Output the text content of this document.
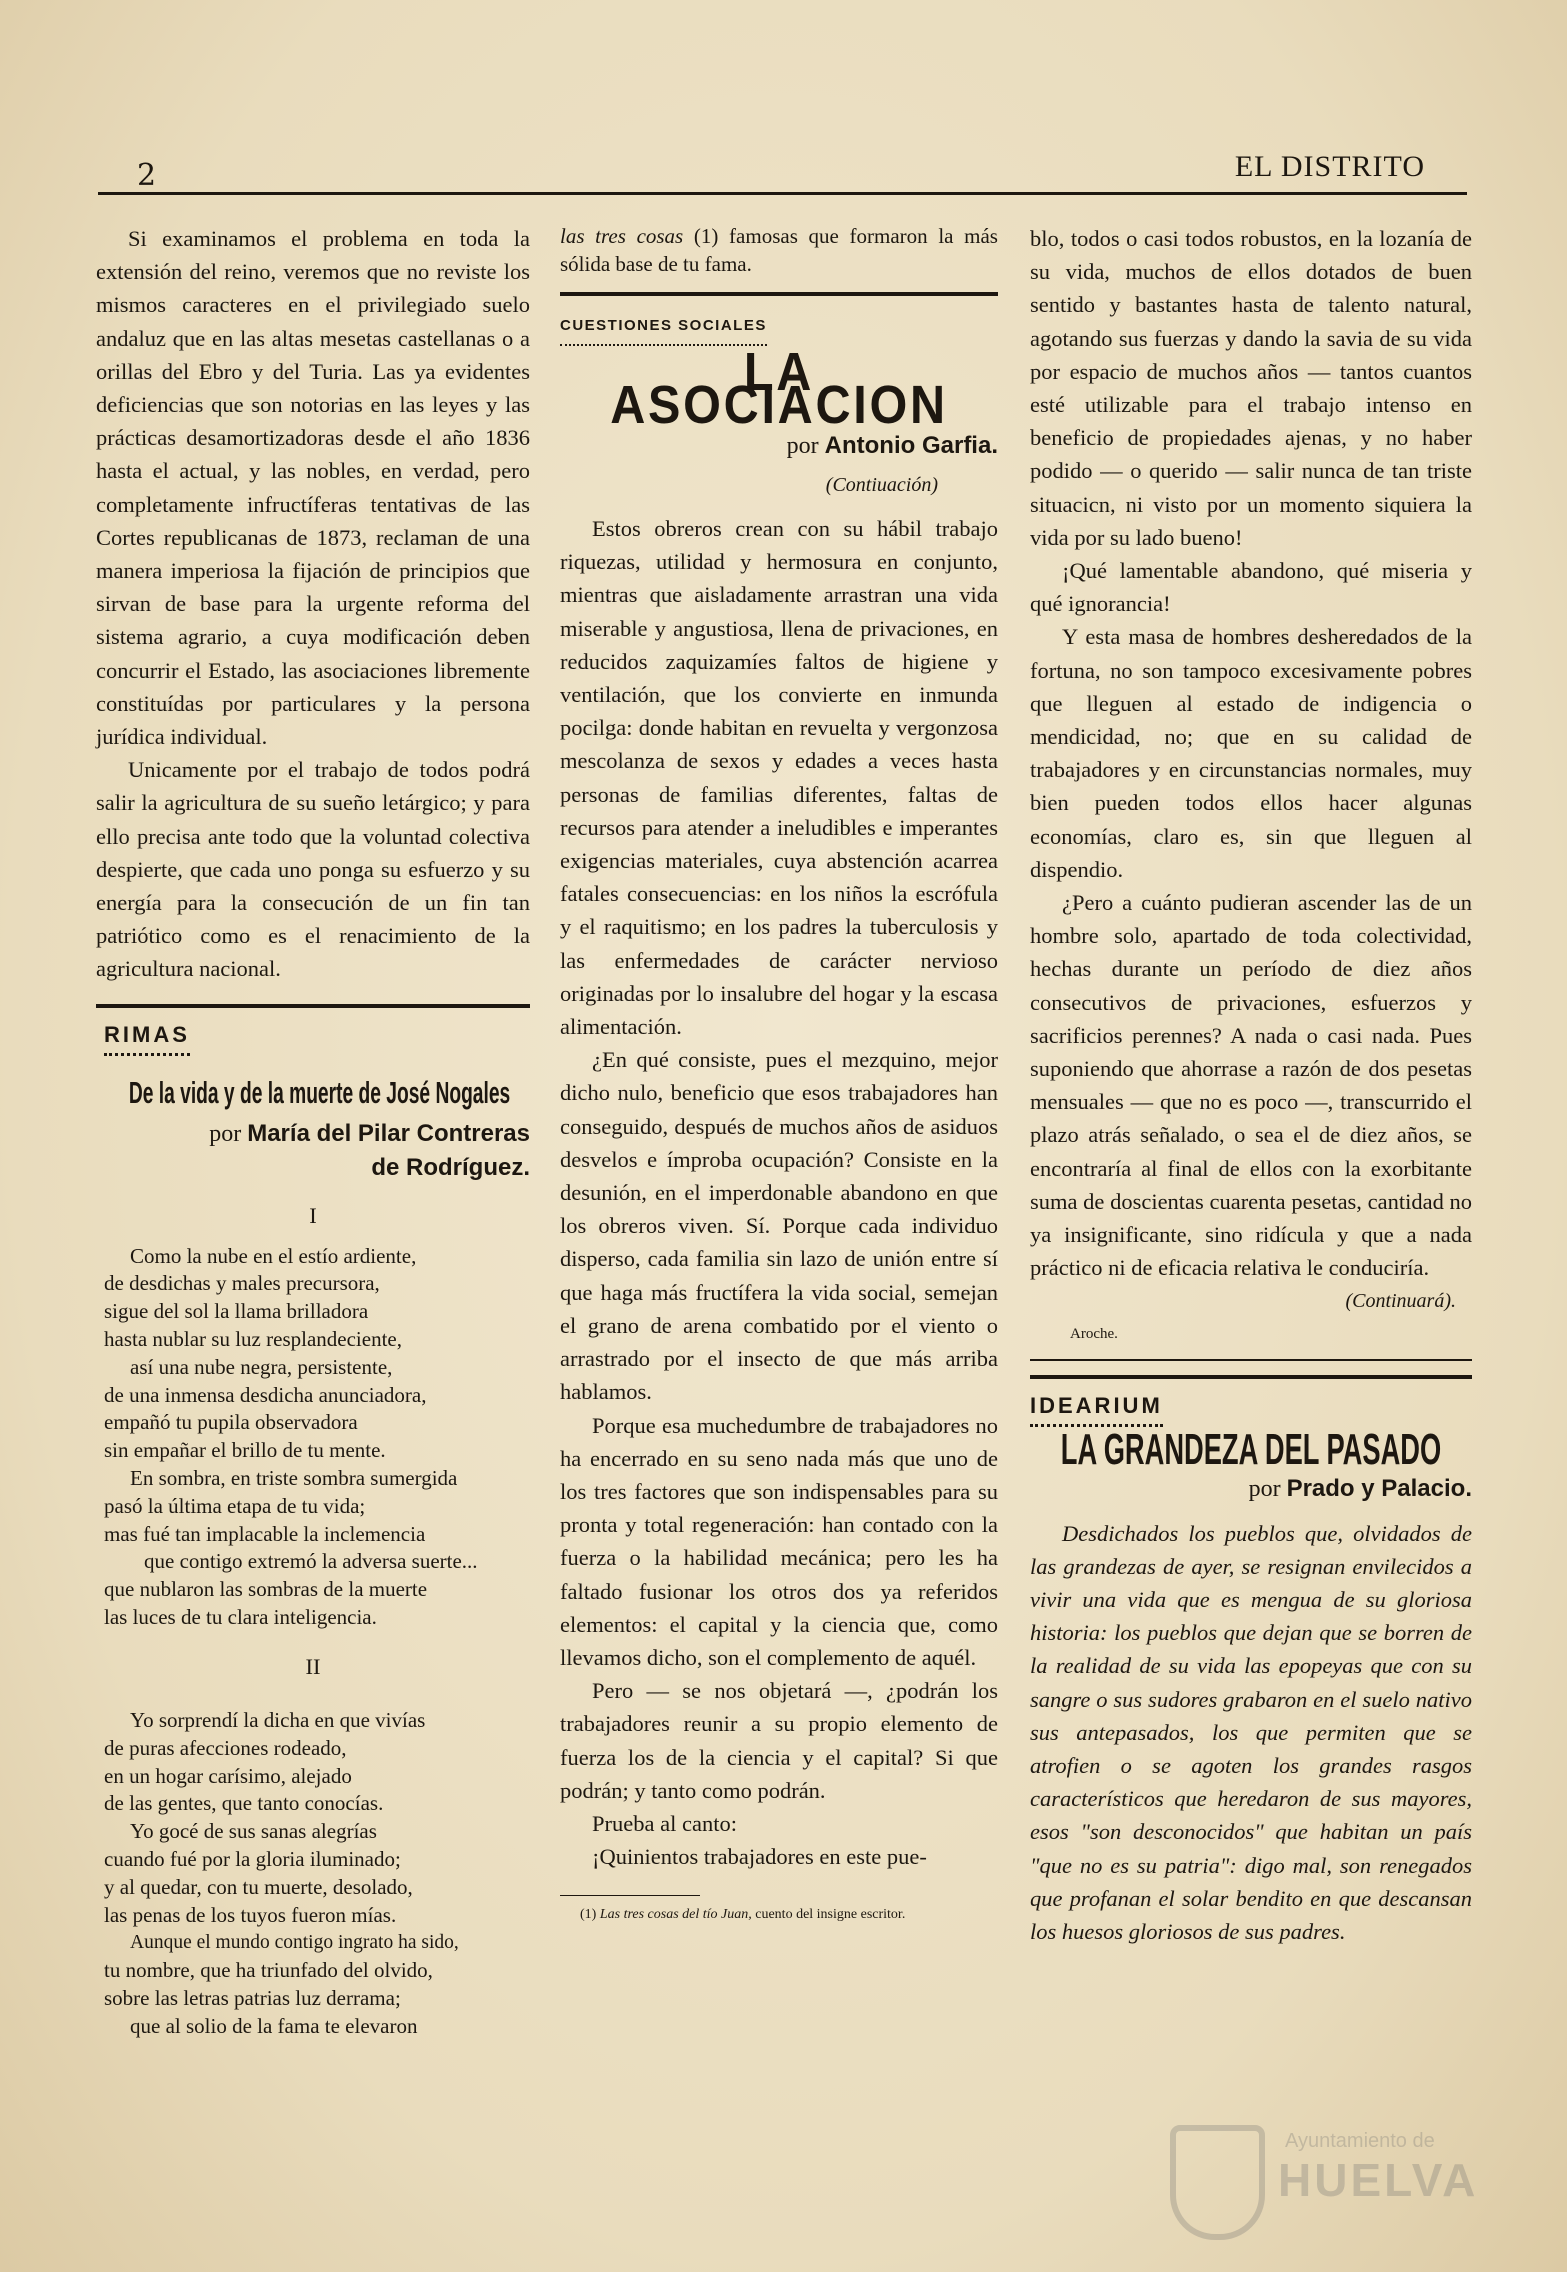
2	EL DISTRITO

Si examinamos el problema en toda la extensión del reino, veremos que no reviste los mismos caracteres en el privilegiado suelo andaluz que en las altas mesetas castellanas o a orillas del Ebro y del Turia. Las ya evidentes deficiencias que son notorias en las leyes y las prácticas desamortizadoras desde el año 1836 hasta el actual, y las nobles, en verdad, pero completamente infructíferas tentativas de las Cortes republicanas de 1873, reclaman de una manera imperiosa la fijación de principios que sirvan de base para la urgente reforma del sistema agrario, a cuya modificación deben concurrir el Estado, las asociaciones libremente constituídas por particulares y la persona jurídica individual.

Unicamente por el trabajo de todos podrá salir la agricultura de su sueño letárgico; y para ello precisa ante todo que la voluntad colectiva despierte, que cada uno ponga su esfuerzo y su energía para la consecución de un fin tan patriótico como es el renacimiento de la agricultura nacional.

RIMAS
De la vida y de la muerte de José Nogales
por María del Pilar Contreras
de Rodríguez.
I
Como la nube en el estío ardiente,
de desdichas y males precursora,
sigue del sol la llama brilladora
hasta nublar su luz resplandeciente,
así una nube negra, persistente,
de una inmensa desdicha anunciadora,
empañó tu pupila observadora
sin empañar el brillo de tu mente.
En sombra, en triste sombra sumergida
pasó la última etapa de tu vida;
mas fué tan implacable la inclemencia
que contigo extremó la adversa suerte...
que nublaron las sombras de la muerte
las luces de tu clara inteligencia.
II
Yo sorprendí la dicha en que vivías
de puras afecciones rodeado,
en un hogar carísimo, alejado
de las gentes, que tanto conocías.
Yo gocé de sus sanas alegrías
cuando fué por la gloria iluminado;
y al quedar, con tu muerte, desolado,
las penas de los tuyos fueron mías.
Aunque el mundo contigo ingrato ha sido,
tu nombre, que ha triunfado del olvido,
sobre las letras patrias luz derrama;
que al solio de la fama te elevaron
las tres cosas (1) famosas que formaron la más sólida base de tu fama.
CUESTIONES SOCIALES
LA ASOCIACION
por Antonio Garfia.
(Contiuación)

Estos obreros crean con su hábil trabajo riquezas, utilidad y hermosura en conjunto, mientras que aisladamente arrastran una vida miserable y angustiosa, llena de privaciones, en reducidos zaquizamíes faltos de higiene y ventilación, que los convierte en inmunda pocilga: donde habitan en revuelta y vergonzosa mescolanza de sexos y edades a veces hasta personas de familias diferentes, faltas de recursos para atender a ineludibles e imperantes exigencias materiales, cuya abstención acarrea fatales consecuencias: en los niños la escrófula y el raquitismo; en los padres la tuberculosis y las enfermedades de carácter nervioso originadas por lo insalubre del hogar y la escasa alimentación.

¿En qué consiste, pues el mezquino, mejor dicho nulo, beneficio que esos trabajadores han conseguido, después de muchos años de asiduos desvelos e ímproba ocupación? Consiste en la desunión, en el imperdonable abandono en que los obreros viven. Sí. Porque cada individuo disperso, cada familia sin lazo de unión entre sí que haga más fructífera la vida social, semejan el grano de arena combatido por el viento o arrastrado por el insecto de que más arriba hablamos.

Porque esa muchedumbre de trabajadores no ha encerrado en su seno nada más que uno de los tres factores que son indispensables para su pronta y total regeneración: han contado con la fuerza o la habilidad mecánica; pero les ha faltado fusionar los otros dos ya referidos elementos: el capital y la ciencia que, como llevamos dicho, son el complemento de aquél.

Pero — se nos objetará —, ¿podrán los trabajadores reunir a su propio elemento de fuerza los de la ciencia y el capital? Si que podrán; y tanto como podrán.

Prueba al canto:

¡Quinientos trabajadores en este pue-

(1) Las tres cosas del tío Juan, cuento del insigne escritor.

blo, todos o casi todos robustos, en la lozanía de su vida, muchos de ellos dotados de buen sentido y bastantes hasta de talento natural, agotando sus fuerzas y dando la savia de su vida por espacio de muchos años — tantos cuantos esté utilizable para el trabajo intenso en beneficio de propiedades ajenas, y no haber podido — o querido — salir nunca de tan triste situacicn, ni visto por un momento siquiera la vida por su lado bueno!

¡Qué lamentable abandono, qué miseria y qué ignorancia!

Y esta masa de hombres desheredados de la fortuna, no son tampoco excesivamente pobres que lleguen al estado de indigencia o mendicidad, no; que en su calidad de trabajadores y en circunstancias normales, muy bien pueden todos ellos hacer algunas economías, claro es, sin que lleguen al dispendio.

¿Pero a cuánto pudieran ascender las de un hombre solo, apartado de toda colectividad, hechas durante un período de diez años consecutivos de privaciones, esfuerzos y sacrificios perennes? A nada o casi nada. Pues suponiendo que ahorrase a razón de dos pesetas mensuales — que no es poco —, transcurrido el plazo atrás señalado, o sea el de diez años, se encontraría al final de ellos con la exorbitante suma de doscientas cuarenta pesetas, cantidad no ya insignificante, sino ridícula y que a nada práctico ni de eficacia relativa le conduciría.

(Continuará).
Aroche.
IDEARIUM
LA GRANDEZA DEL PASADO
por Prado y Palacio.

Desdichados los pueblos que, olvidados de las grandezas de ayer, se resignan envilecidos a vivir una vida que es mengua de su gloriosa historia: los pueblos que dejan que se borren de la realidad de su vida las epopeyas que con su sangre o sus sudores grabaron en el suelo nativo sus antepasados, los que permiten que se atrofien o se agoten los grandes rasgos característicos que heredaron de sus mayores, esos "son desconocidos" que habitan un país "que no es su patria": digo mal, son renegados que profanan el solar bendito en que descansan los huesos gloriosos de sus padres.

Ayuntamiento de
HUELVA
